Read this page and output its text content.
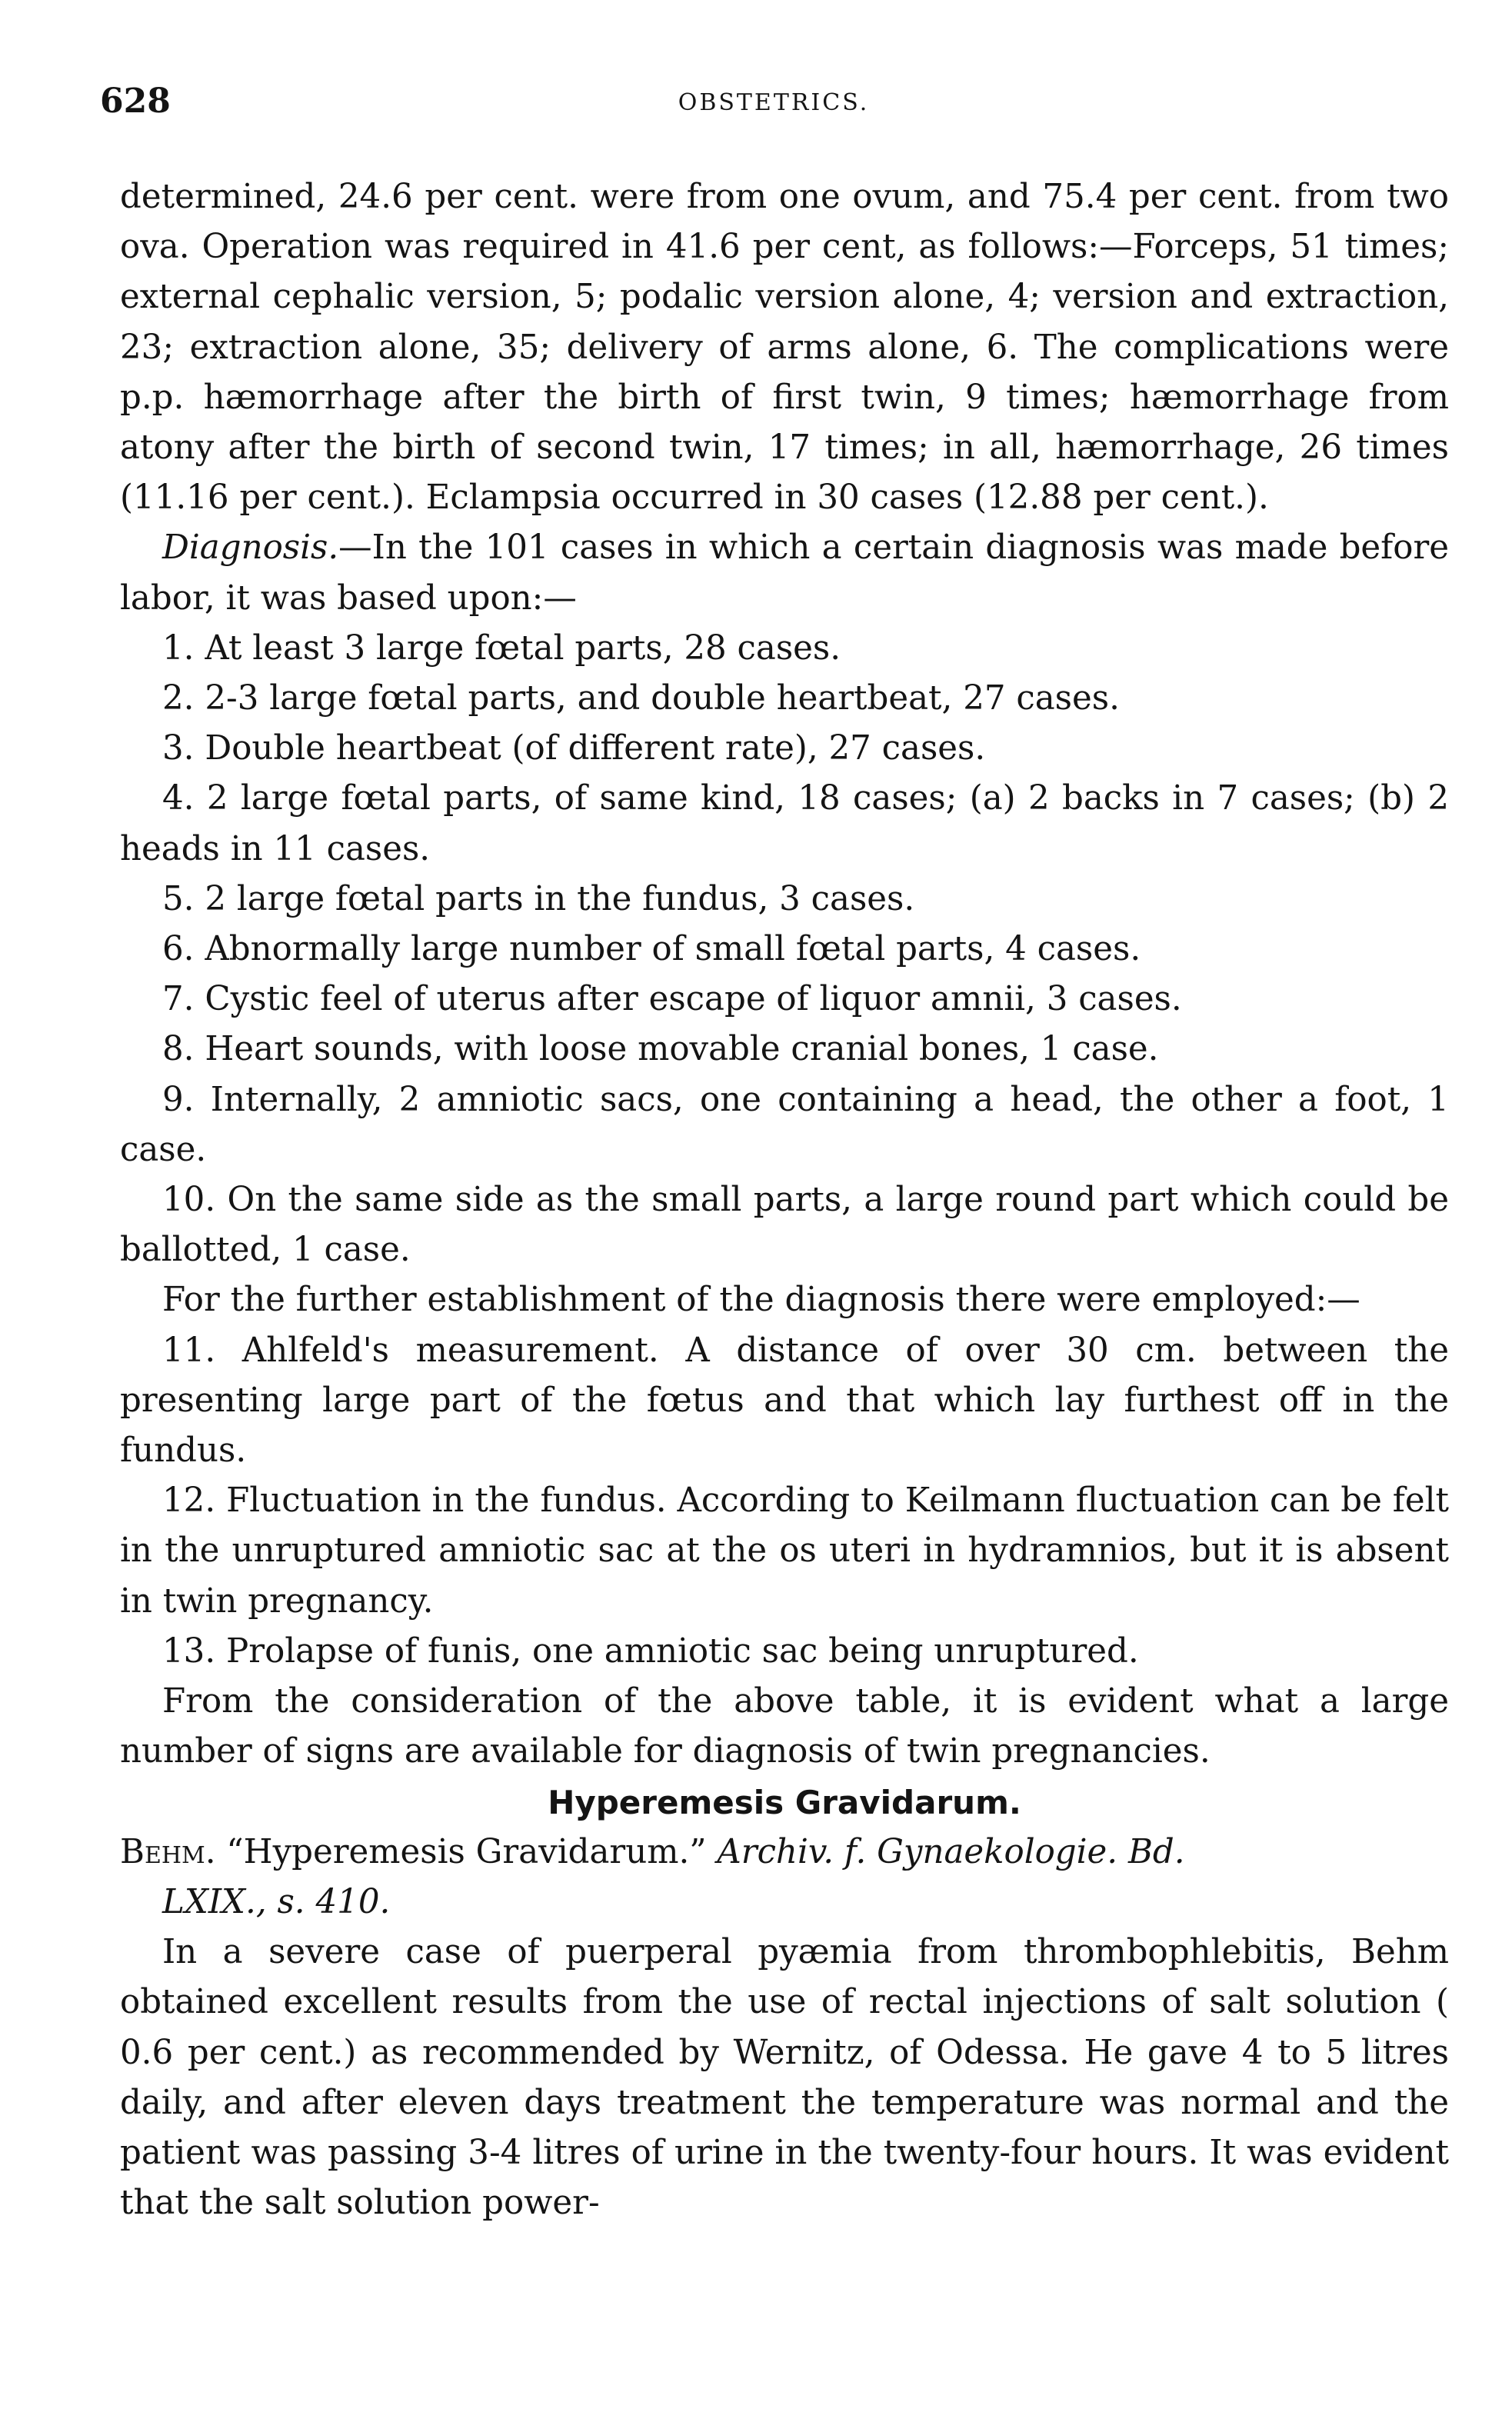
628	OBSTETRICS.

determined, 24.6 per cent. were from one ovum, and 75.4 per cent. from two ova. Operation was required in 41.6 per cent, as follows:—Forceps, 51 times; external cephalic version, 5; podalic version alone, 4; version and extraction, 23; extraction alone, 35; delivery of arms alone, 6. The complications were p.p. hæmorrhage after the birth of first twin, 9 times; hæmorrhage from atony after the birth of second twin, 17 times; in all, hæmorrhage, 26 times (11.16 per cent.). Eclampsia occurred in 30 cases (12.88 per cent.).

Diagnosis.—In the 101 cases in which a certain diagnosis was made before labor, it was based upon:—

1. At least 3 large fœtal parts, 28 cases.

2. 2-3 large fœtal parts, and double heartbeat, 27 cases.

3. Double heartbeat (of different rate), 27 cases.

4. 2 large fœtal parts, of same kind, 18 cases; (a) 2 backs in 7 cases; (b) 2 heads in 11 cases.

5. 2 large fœtal parts in the fundus, 3 cases.

6. Abnormally large number of small fœtal parts, 4 cases.

7. Cystic feel of uterus after escape of liquor amnii, 3 cases.

8. Heart sounds, with loose movable cranial bones, 1 case.

9. Internally, 2 amniotic sacs, one containing a head, the other a foot, 1 case.

10. On the same side as the small parts, a large round part which could be ballotted, 1 case.

For the further establishment of the diagnosis there were employed:—

11. Ahlfeld's measurement. A distance of over 30 cm. between the presenting large part of the fœtus and that which lay furthest off in the fundus.

12. Fluctuation in the fundus. According to Keilmann fluctuation can be felt in the unruptured amniotic sac at the os uteri in hydramnios, but it is absent in twin pregnancy.

13. Prolapse of funis, one amniotic sac being unruptured.

From the consideration of the above table, it is evident what a large number of signs are available for diagnosis of twin pregnancies.

Hyperemesis Gravidarum.

Behm. “Hyperemesis Gravidarum.” Archiv. f. Gynaekologie. Bd.
LXIX., s. 410.

In a severe case of puerperal pyæmia from thrombophlebitis, Behm obtained excellent results from the use of rectal injections of salt solution ( 0.6 per cent.) as recommended by Wernitz, of Odessa. He gave 4 to 5 litres daily, and after eleven days treatment the temperature was normal and the patient was passing 3-4 litres of urine in the twenty-four hours. It was evident that the salt solution power-
